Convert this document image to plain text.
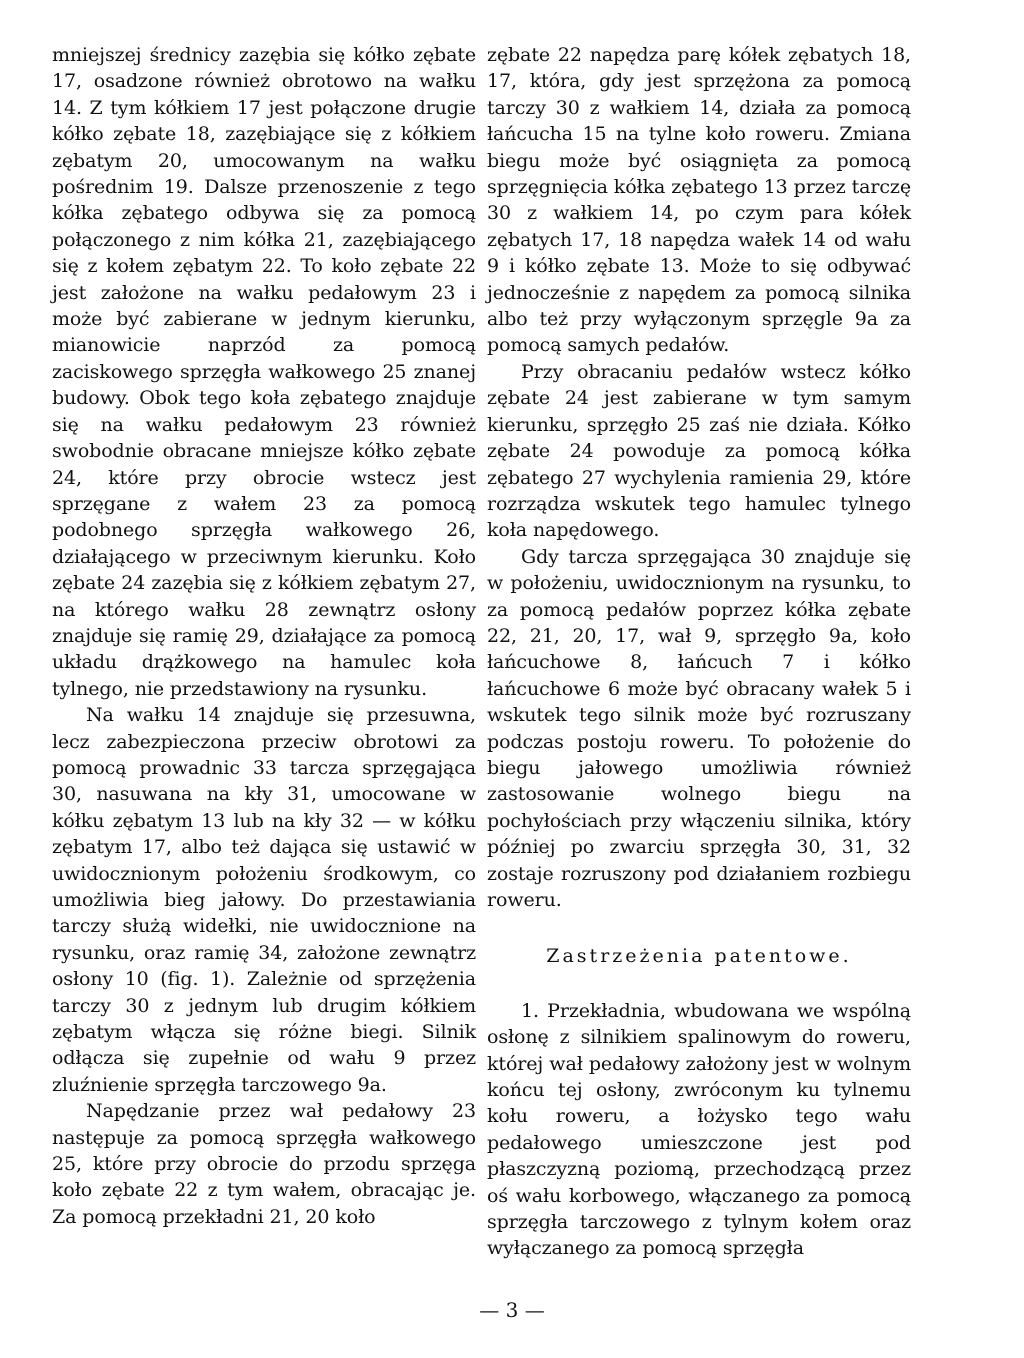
mniejszej średnicy zazębia się kółko zębate 17, osadzone również obrotowo na wałku 14. Z tym kółkiem 17 jest połączone drugie kółko zębate 18, zazębiające się z kółkiem zębatym 20, umocowanym na wałku pośrednim 19. Dalsze przenoszenie z tego kółka zębatego odbywa się za pomocą połączonego z nim kółka 21, zazębiającego się z kołem zębatym 22. To koło zębate 22 jest założone na wałku pedałowym 23 i może być zabierane w jednym kierunku, mianowicie naprzód za pomocą zaciskowego sprzęgła wałkowego 25 znanej budowy. Obok tego koła zębatego znajduje się na wałku pedałowym 23 również swobodnie obracane mniejsze kółko zębate 24, które przy obrocie wstecz jest sprzęgane z wałem 23 za pomocą podobnego sprzęgła wałkowego 26, działającego w przeciwnym kierunku. Koło zębate 24 zazębia się z kółkiem zębatym 27, na którego wałku 28 zewnątrz osłony znajduje się ramię 29, działające za pomocą układu drążkowego na hamulec koła tylnego, nie przedstawiony na rysunku.

Na wałku 14 znajduje się przesuwna, lecz zabezpieczona przeciw obrotowi za pomocą prowadnic 33 tarcza sprzęgająca 30, nasuwana na kły 31, umocowane w kółku zębatym 13 lub na kły 32 — w kółku zębatym 17, albo też dająca się ustawić w uwidocznionym położeniu środkowym, co umożliwia bieg jałowy. Do przestawiania tarczy służą widełki, nie uwidocznione na rysunku, oraz ramię 34, założone zewnątrz osłony 10 (fig. 1). Zależnie od sprzężenia tarczy 30 z jednym lub drugim kółkiem zębatym włącza się różne biegi. Silnik odłącza się zupełnie od wału 9 przez zluźnienie sprzęgła tarczowego 9a.

Napędzanie przez wał pedałowy 23 następuje za pomocą sprzęgła wałkowego 25, które przy obrocie do przodu sprzęga koło zębate 22 z tym wałem, obracając je. Za pomocą przekładni 21, 20 koło

zębate 22 napędza parę kółek zębatych 18, 17, która, gdy jest sprzężona za pomocą tarczy 30 z wałkiem 14, działa za pomocą łańcucha 15 na tylne koło roweru. Zmiana biegu może być osiągnięta za pomocą sprzęgnięcia kółka zębatego 13 przez tarczę 30 z wałkiem 14, po czym para kółek zębatych 17, 18 napędza wałek 14 od wału 9 i kółko zębate 13. Może to się odbywać jednocześnie z napędem za pomocą silnika albo też przy wyłączonym sprzęgle 9a za pomocą samych pedałów.

Przy obracaniu pedałów wstecz kółko zębate 24 jest zabierane w tym samym kierunku, sprzęgło 25 zaś nie działa. Kółko zębate 24 powoduje za pomocą kółka zębatego 27 wychylenia ramienia 29, które rozrządza wskutek tego hamulec tylnego koła napędowego.

Gdy tarcza sprzęgająca 30 znajduje się w położeniu, uwidocznionym na rysunku, to za pomocą pedałów poprzez kółka zębate 22, 21, 20, 17, wał 9, sprzęgło 9a, koło łańcuchowe 8, łańcuch 7 i kółko łańcuchowe 6 może być obracany wałek 5 i wskutek tego silnik może być rozruszany podczas postoju roweru. To położenie do biegu jałowego umożliwia również zastosowanie wolnego biegu na pochyłościach przy włączeniu silnika, który później po zwarciu sprzęgła 30, 31, 32 zostaje rozruszony pod działaniem rozbiegu roweru.

Zastrzeżenia patentowe.

1. Przekładnia, wbudowana we wspólną osłonę z silnikiem spalinowym do roweru, której wał pedałowy założony jest w wolnym końcu tej osłony, zwróconym ku tylnemu kołu roweru, a łożysko tego wału pedałowego umieszczone jest pod płaszczyzną poziomą, przechodzącą przez oś wału korbowego, włączanego za pomocą sprzęgła tarczowego z tylnym kołem oraz wyłączanego za pomocą sprzęgła

— 3 —
